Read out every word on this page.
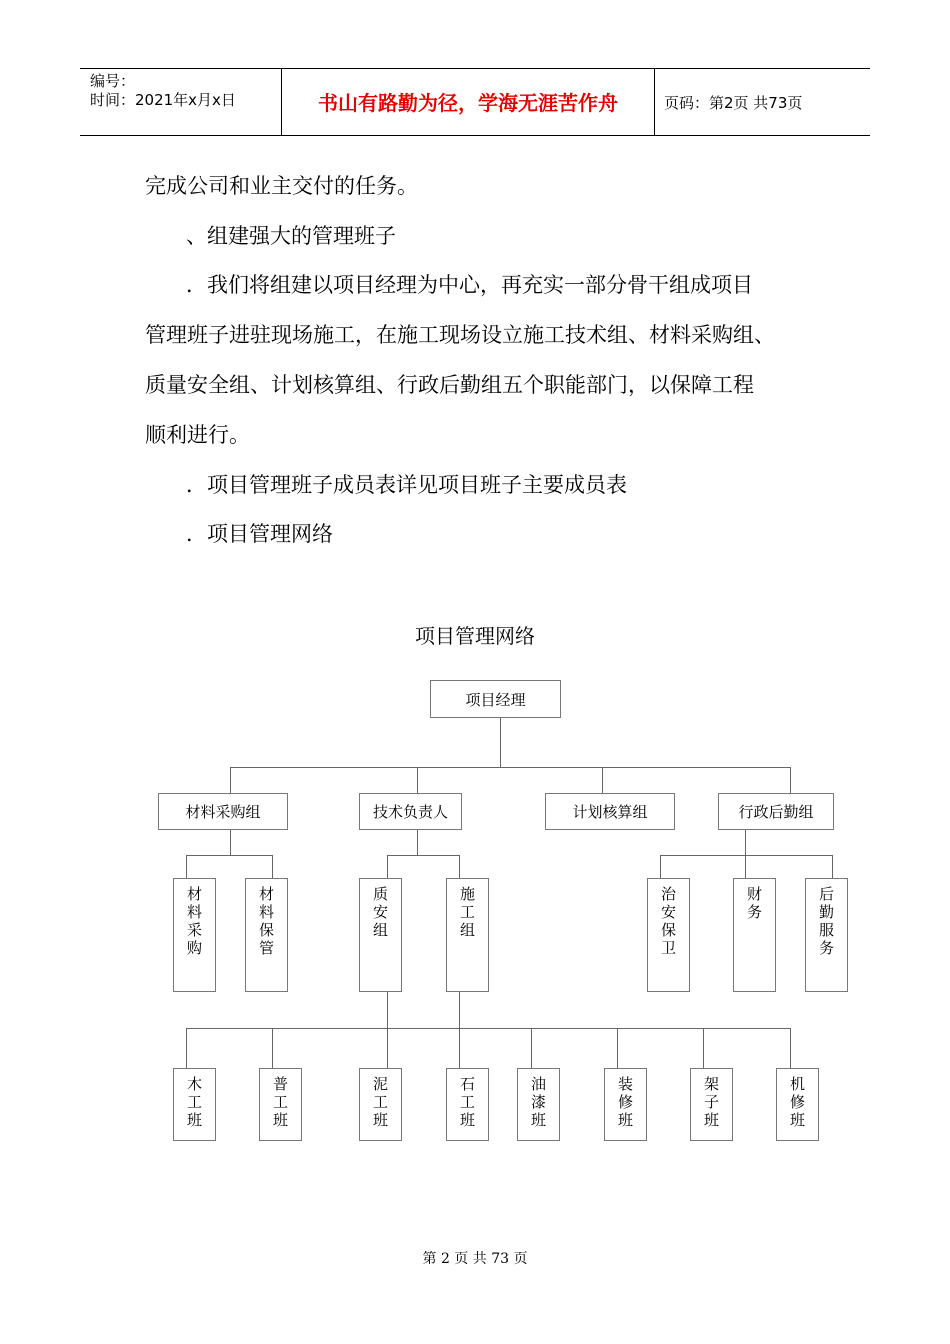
编号：
时间：2021年x月x日	书山有路勤为径，学海无涯苦作舟	页码：第2页 共73页
完成公司和业主交付的任务。
、组建强大的管理班子
．我们将组建以项目经理为中心，再充实一部分骨干组成项目
管理班子进驻现场施工，在施工现场设立施工技术组、材料采购组、
质量安全组、计划核算组、行政后勤组五个职能部门，以保障工程
顺利进行。
．项目管理班子成员表详见项目班子主要成员表
．项目管理网络
项目管理网络
项目经理
材料采购组	技术负责人	计划核算组	行政后勤组
材
料
采
购
材
料
保
管
质
安
组
施
工
组
治
安
保
卫
财
务
后
勤
服
务
木
工
班
普
工
班
泥
工
班
石
工
班
油
漆
班
装
修
班
架
子
班
机
修
班
第 2 页 共 73 页
